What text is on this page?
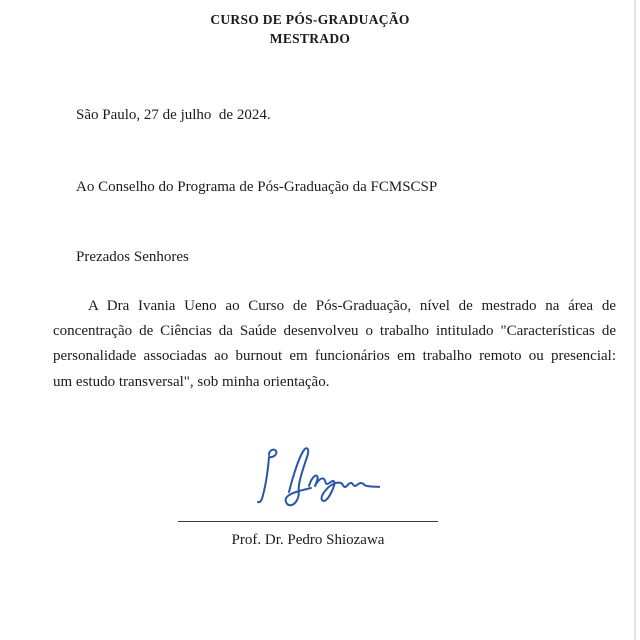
CURSO DE PÓS-GRADUAÇÃO
MESTRADO
São Paulo, 27 de julho  de 2024.
Ao Conselho do Programa de Pós-Graduação da FCMSCSP
Prezados Senhores
A Dra Ivania Ueno ao Curso de Pós-Graduação, nível de mestrado na área de
concentração de Ciências da Saúde desenvolveu o trabalho intitulado "Características de
personalidade associadas ao burnout em funcionários em trabalho remoto ou presencial:
um estudo transversal", sob minha orientação.
Prof. Dr. Pedro Shiozawa
